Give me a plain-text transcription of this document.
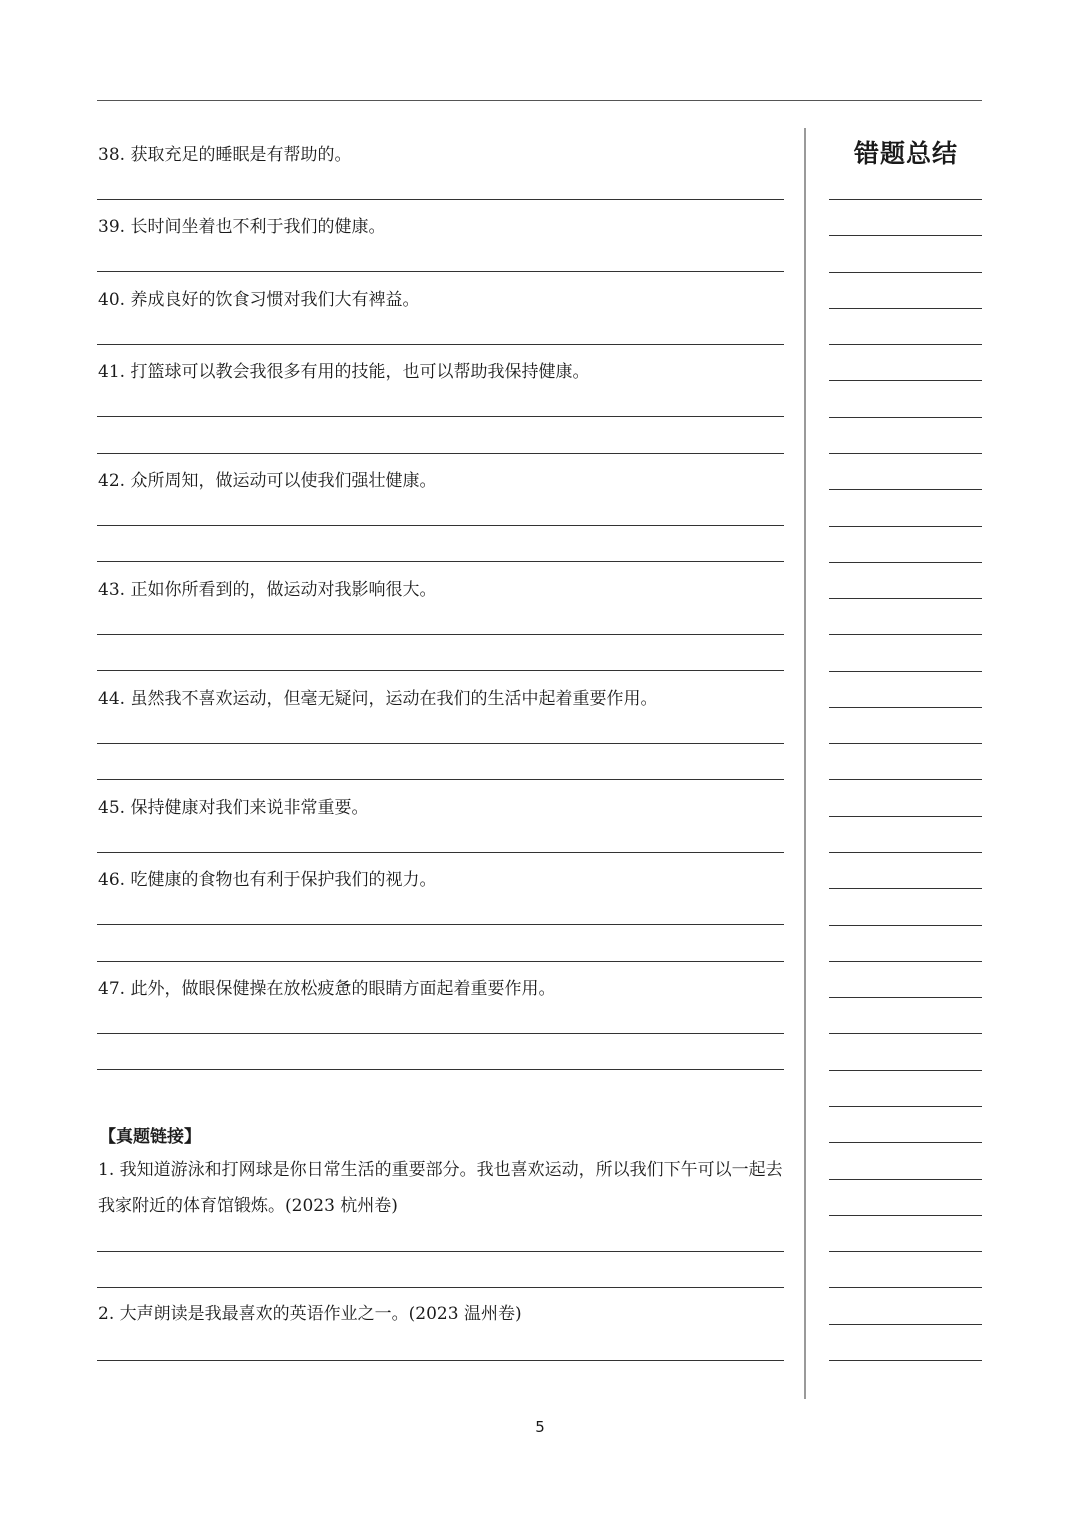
错题总结
38. 获取充足的睡眠是有帮助的。
39. 长时间坐着也不利于我们的健康。
40. 养成良好的饮食习惯对我们大有裨益。
41. 打篮球可以教会我很多有用的技能，也可以帮助我保持健康。
42. 众所周知，做运动可以使我们强壮健康。
43. 正如你所看到的，做运动对我影响很大。
44. 虽然我不喜欢运动，但毫无疑问，运动在我们的生活中起着重要作用。
45. 保持健康对我们来说非常重要。
46. 吃健康的食物也有利于保护我们的视力。
47. 此外，做眼保健操在放松疲惫的眼睛方面起着重要作用。
【真题链接】
1. 我知道游泳和打网球是你日常生活的重要部分。我也喜欢运动，所以我们下午可以一起去我家附近的体育馆锻炼。(2023 杭州卷)
2. 大声朗读是我最喜欢的英语作业之一。(2023 温州卷)
5
